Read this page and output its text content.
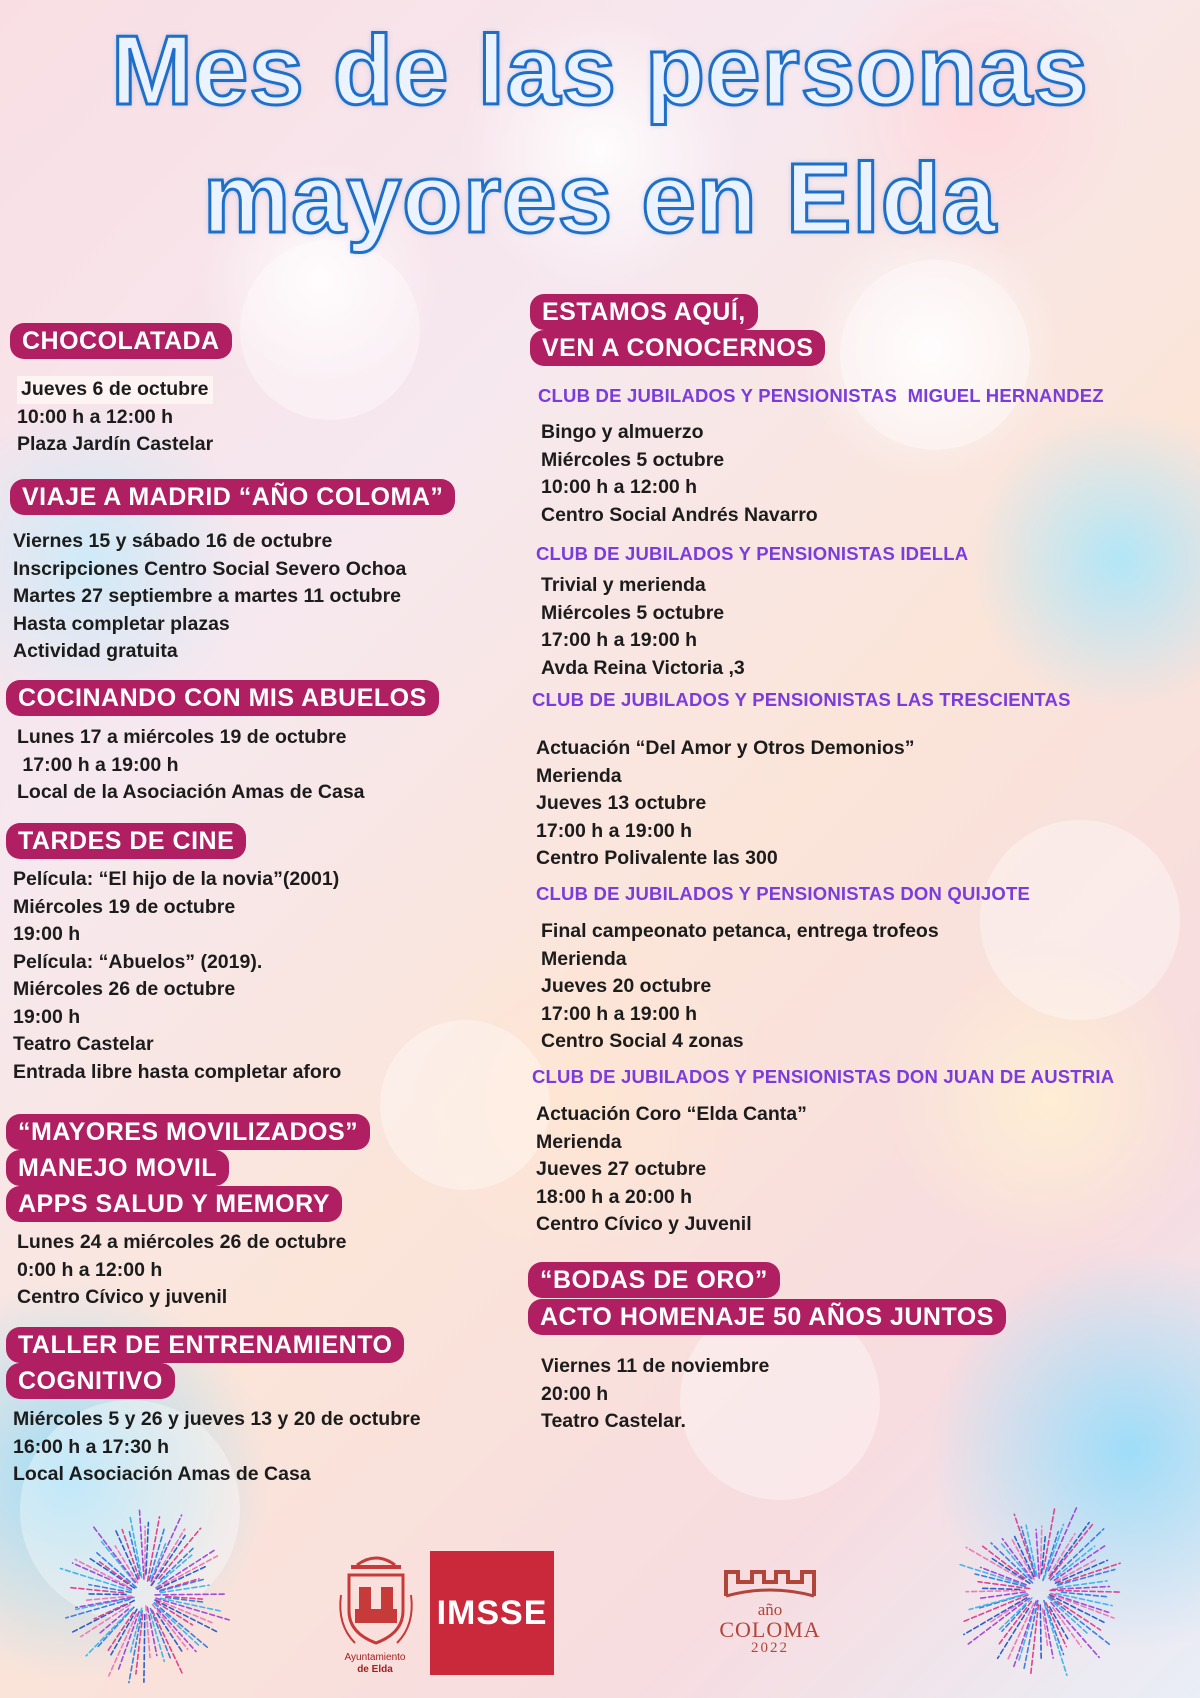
Mes de las personas
mayores en Elda
CHOCOLATADA
Jueves 6 de octubre
10:00 h a 12:00 h
Plaza Jardín Castelar
VIAJE A MADRID “AÑO COLOMA”
Viernes 15 y sábado 16 de octubre
Inscripciones Centro Social Severo Ochoa
Martes 27 septiembre a martes 11 octubre
Hasta completar plazas
Actividad gratuita
COCINANDO CON MIS ABUELOS
Lunes 17 a miércoles 19 de octubre
17:00 h a 19:00 h
Local de la Asociación Amas de Casa
TARDES DE CINE
Película: “El hijo de la novia”(2001)
Miércoles 19 de octubre
19:00 h
Película: “Abuelos” (2019).
Miércoles 26 de octubre
19:00 h
Teatro Castelar
Entrada libre hasta completar aforo
“MAYORES MOVILIZADOS”
MANEJO MOVIL
APPS SALUD Y MEMORY
Lunes 24 a miércoles 26 de octubre
0:00 h a 12:00 h
Centro Cívico y juvenil
TALLER DE ENTRENAMIENTO
COGNITIVO
Miércoles 5 y 26 y jueves 13 y 20 de octubre
16:00 h a 17:30 h
Local Asociación Amas de Casa
ESTAMOS AQUÍ,
VEN A CONOCERNOS
CLUB DE JUBILADOS Y PENSIONISTAS  MIGUEL HERNANDEZ
Bingo y almuerzo
Miércoles 5 octubre
10:00 h a 12:00 h
Centro Social Andrés Navarro
CLUB DE JUBILADOS Y PENSIONISTAS IDELLA
Trivial y merienda
Miércoles 5 octubre
17:00 h a 19:00 h
Avda Reina Victoria ,3
CLUB DE JUBILADOS Y PENSIONISTAS LAS TRESCIENTAS
Actuación “Del Amor y Otros Demonios”
Merienda
Jueves 13 octubre
17:00 h a 19:00 h
Centro Polivalente las 300
CLUB DE JUBILADOS Y PENSIONISTAS DON QUIJOTE
Final campeonato petanca, entrega trofeos
Merienda
Jueves 20 octubre
17:00 h a 19:00 h
Centro Social 4 zonas
CLUB DE JUBILADOS Y PENSIONISTAS DON JUAN DE AUSTRIA
Actuación Coro “Elda Canta”
Merienda
Jueves 27 octubre
18:00 h a 20:00 h
Centro Cívico y Juvenil
“BODAS DE ORO”
ACTO HOMENAJE 50 AÑOS JUNTOS
Viernes 11 de noviembre
20:00 h
Teatro Castelar.
Ayuntamiento
de Elda
IMSSE	año
COLOMA
2022
